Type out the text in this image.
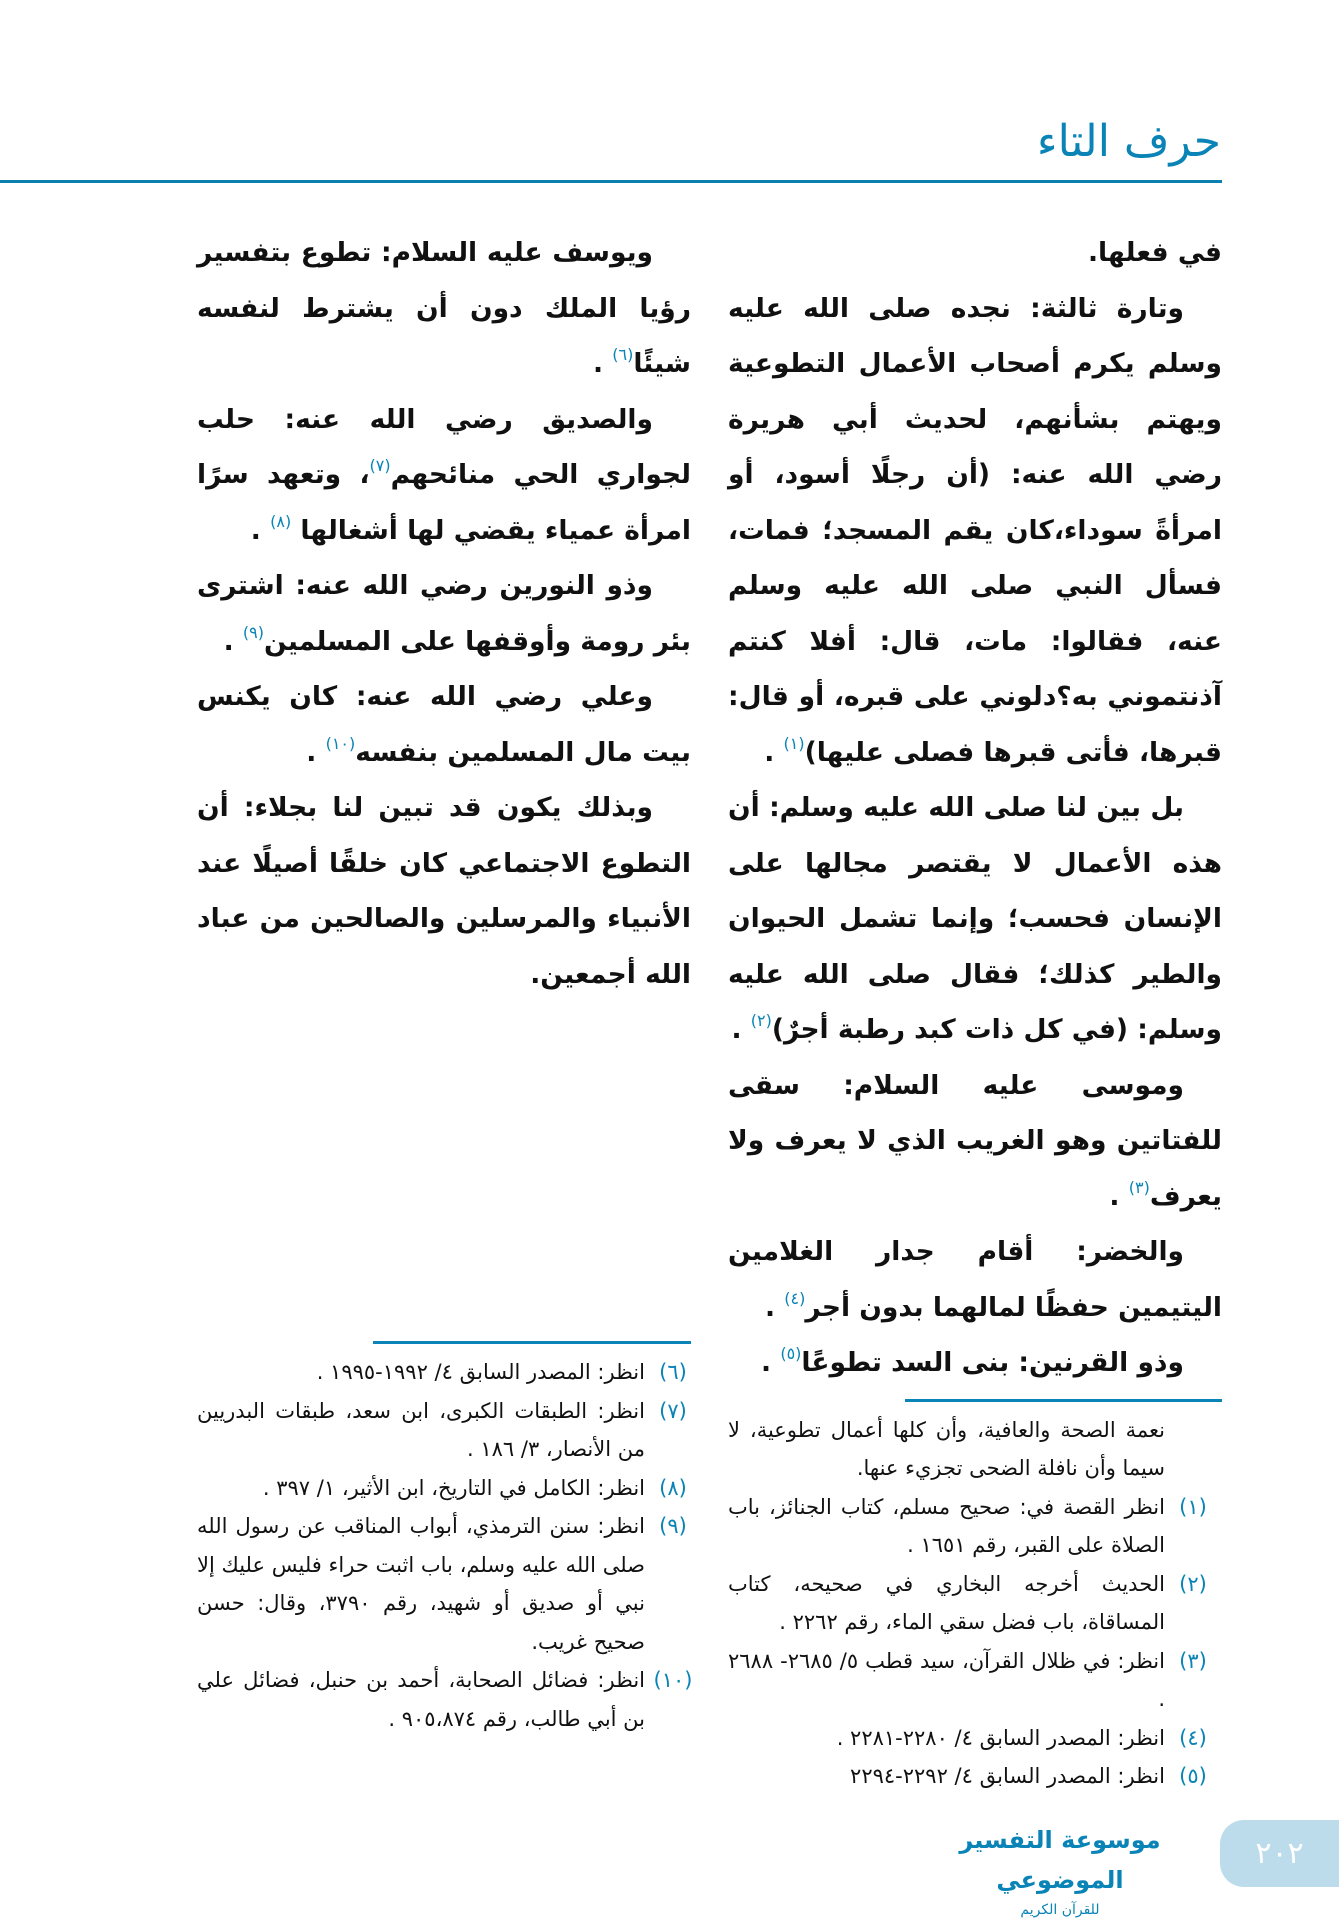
حرف التاء

ويوسف عليه السلام: تطوع بتفسير رؤيا الملك دون أن يشترط لنفسه شيئًا$^{(٦)}$ .

والصديق رضي الله عنه: حلب لجواري الحي منائحهم$^{(٧)}$، وتعهد سرًا امرأة عمياء يقضي لها أشغالها $^{(٨)}$ .

وذو النورين رضي الله عنه: اشترى بئر رومة وأوقفها على المسلمين$^{(٩)}$ .

وعلي رضي الله عنه: كان يكنس بيت مال المسلمين بنفسه$^{(١٠)}$ .

وبذلك يكون قد تبين لنا بجلاء: أن التطوع الاجتماعي كان خلقًا أصيلًا عند الأنبياء والمرسلين والصالحين من عباد الله أجمعين.

(٦)
انظر: المصدر السابق ٤/ ١٩٩٢-١٩٩٥ .
(٧)
انظر: الطبقات الكبرى، ابن سعد، طبقات البدريين من الأنصار، ٣/ ١٨٦ .
(٨)
انظر: الكامل في التاريخ، ابن الأثير، ١/ ٣٩٧ .
(٩)
انظر: سنن الترمذي، أبواب المناقب عن رسول الله صلى الله عليه وسلم، باب اثبت حراء فليس عليك إلا نبي أو صديق أو شهيد، رقم ٣٧٩٠، وقال: حسن صحيح غريب.
(١٠)
انظر: فضائل الصحابة، أحمد بن حنبل، فضائل علي بن أبي طالب، رقم ٩٠٥،٨٧٤ .

في فعلها.

وتارة ثالثة: نجده صلى الله عليه وسلم يكرم أصحاب الأعمال التطوعية ويهتم بشأنهم، لحديث أبي هريرة رضي الله عنه: (أن رجلًا أسود، أو امرأةً سوداء،كان يقم المسجد؛ فمات، فسأل النبي صلى الله عليه وسلم عنه، فقالوا: مات، قال: أفلا كنتم آذنتموني به؟دلوني على قبره، أو قال: قبرها، فأتى قبرها فصلى عليها)$^{(١)}$ .

بل بين لنا صلى الله عليه وسلم: أن هذه الأعمال لا يقتصر مجالها على الإنسان فحسب؛ وإنما تشمل الحيوان والطير كذلك؛ فقال صلى الله عليه وسلم: (في كل ذات كبد رطبة أجرٌ)$^{(٢)}$ .

وموسى عليه السلام: سقى للفتاتين وهو الغريب الذي لا يعرف ولا يعرف$^{(٣)}$ .

والخضر: أقام جدار الغلامين اليتيمين حفظًا لمالهما بدون أجر$^{(٤)}$ .

وذو القرنين: بنى السد تطوعًا$^{(٥)}$ .

نعمة الصحة والعافية، وأن كلها أعمال تطوعية، لا سيما وأن نافلة الضحى تجزيء عنها.
(١)
انظر القصة في: صحيح مسلم، كتاب الجنائز، باب الصلاة على القبر، رقم ١٦٥١ .
(٢)
الحديث أخرجه البخاري في صحيحه، كتاب المساقاة، باب فضل سقي الماء، رقم ٢٢٦٢ .
(٣)
انظر: في ظلال القرآن، سيد قطب ٥/ ٢٦٨٥- ٢٦٨٨ .
(٤)
انظر: المصدر السابق ٤/ ٢٢٨٠-٢٢٨١ .
(٥)
انظر: المصدر السابق ٤/ ٢٢٩٢-٢٢٩٤
موسوعة التفسير الموضوعي
للقرآن الكريم
٢٠٢
